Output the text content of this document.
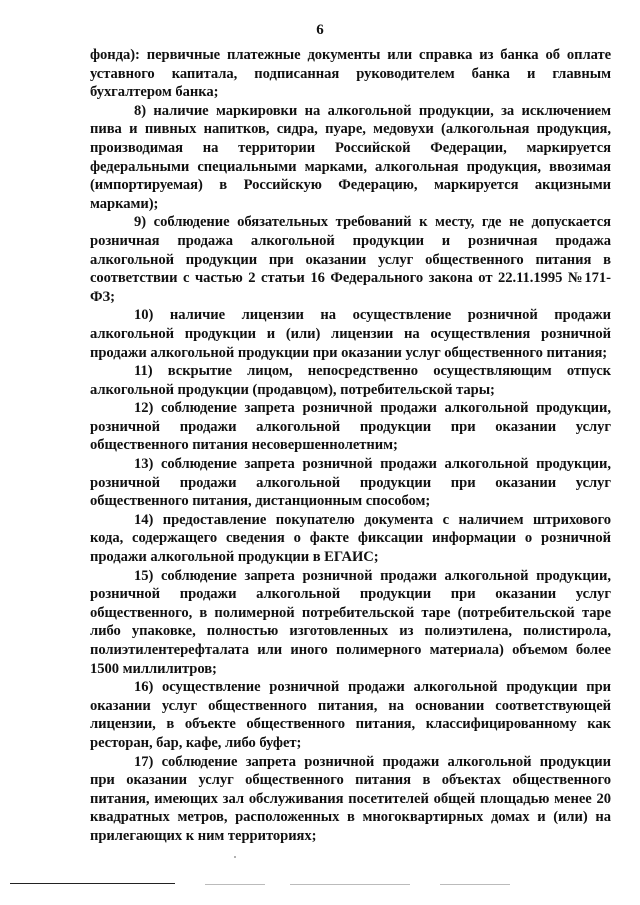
6

фонда): первичные платежные документы или справка из банка об оплате уставного капитала, подписанная руководителем банка и главным бухгалтером банка;

8) наличие маркировки на алкогольной продукции, за исключением пива и пивных напитков, сидра, пуаре, медовухи (алкогольная продукция, производимая на территории Российской Федерации, маркируется федеральными специальными марками, алкогольная продукция, ввозимая (импортируемая) в Российскую Федерацию, маркируется акцизными марками);

9) соблюдение обязательных требований к месту, где не допускается розничная продажа алкогольной продукции и розничная продажа алкогольной продукции при оказании услуг общественного питания в соответствии с частью 2 статьи 16 Федерального закона от 22.11.1995 №171-ФЗ;

10) наличие лицензии на осуществление розничной продажи алкогольной продукции и (или) лицензии на осуществления розничной продажи алкогольной продукции при оказании услуг общественного питания;

11) вскрытие лицом, непосредственно осуществляющим отпуск алкогольной продукции (продавцом), потребительской тары;

12) соблюдение запрета розничной продажи алкогольной продукции, розничной продажи алкогольной продукции при оказании услуг общественного питания несовершеннолетним;

13) соблюдение запрета розничной продажи алкогольной продукции, розничной продажи алкогольной продукции при оказании услуг общественного питания, дистанционным способом;

14) предоставление покупателю документа с наличием штрихового кода, содержащего сведения о факте фиксации информации о розничной продажи алкогольной продукции в ЕГАИС;

15) соблюдение запрета розничной продажи алкогольной продукции, розничной продажи алкогольной продукции при оказании услуг общественного, в полимерной потребительской таре (потребительской таре либо упаковке, полностью изготовленных из полиэтилена, полистирола, полиэтилентерефталата или иного полимерного материала) объемом более 1500 миллилитров;

16) осуществление розничной продажи алкогольной продукции при оказании услуг общественного питания, на основании соответствующей лицензии, в объекте общественного питания, классифицированному как ресторан, бар, кафе, либо буфет;

17) соблюдение запрета розничной продажи алкогольной продукции при оказании услуг общественного питания в объектах общественного питания, имеющих зал обслуживания посетителей общей площадью менее 20 квадратных метров, расположенных в многоквартирных домах и (или) на прилегающих к ним территориях;
